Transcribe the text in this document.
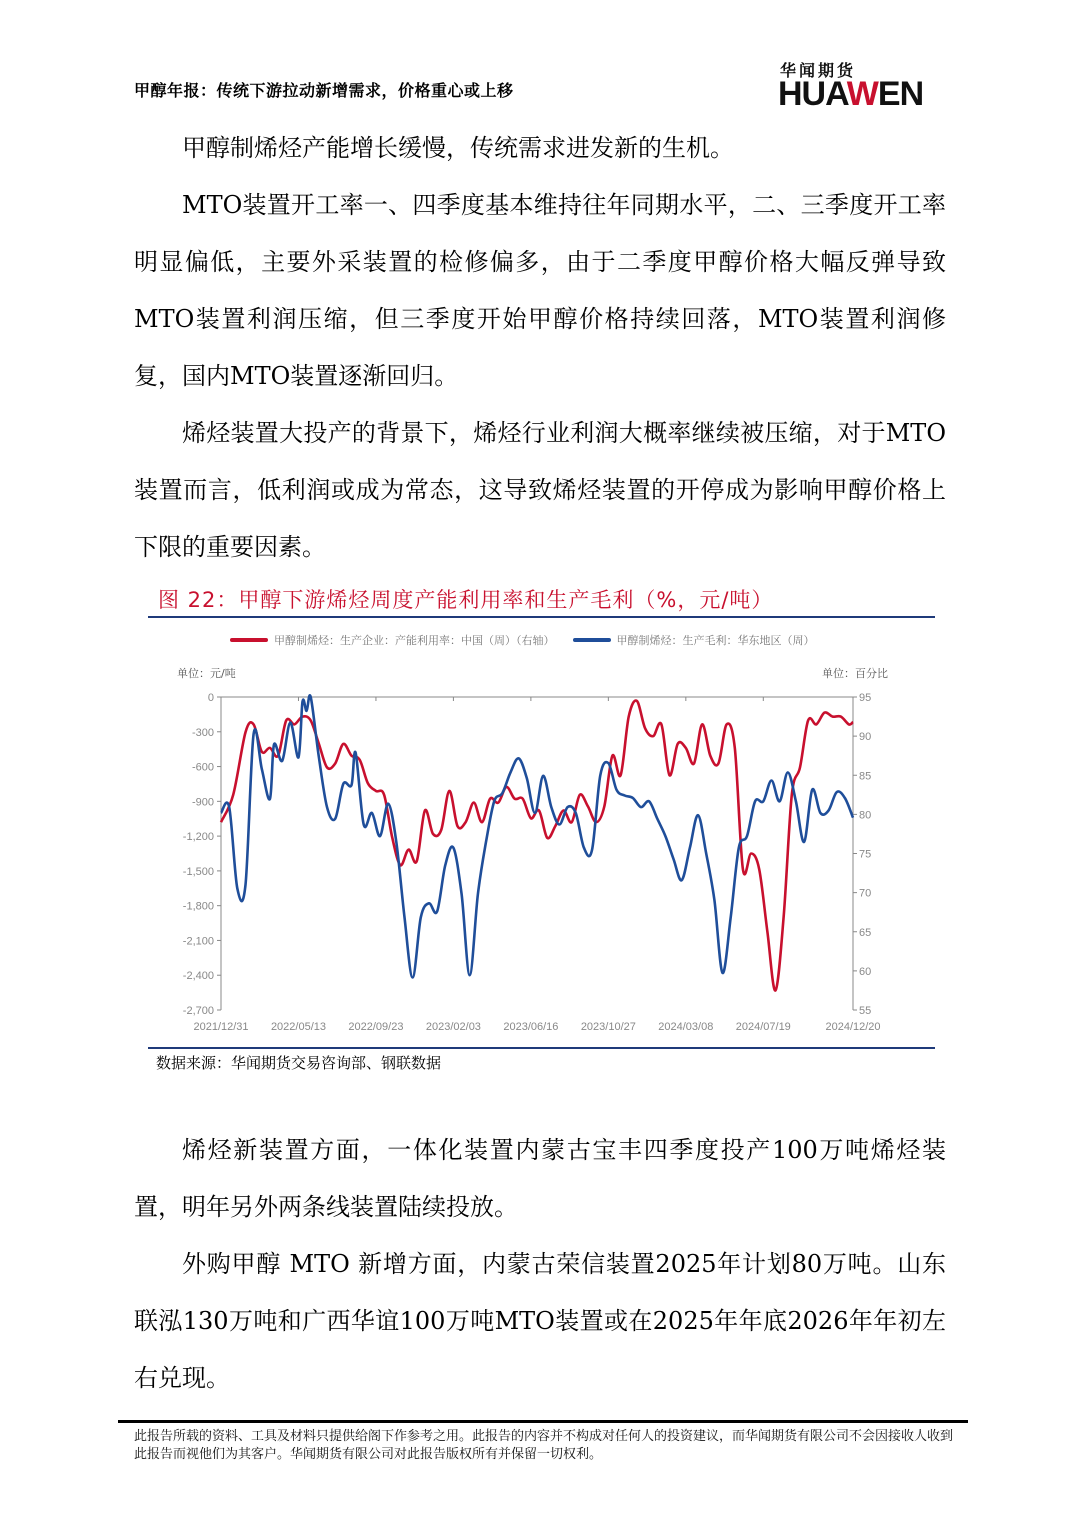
甲醇年报：传统下游拉动新增需求，价格重心或上移
华闻期货
HUAWEN

甲醇制烯烃产能增长缓慢，传统需求进发新的生机。

MTO装置开工率一、四季度基本维持往年同期水平，二、三季度开工率明显偏低，主要外采装置的检修偏多，由于二季度甲醇价格大幅反弹导致MTO装置利润压缩，但三季度开始甲醇价格持续回落，MTO装置利润修复，国内MTO装置逐渐回归。

烯烃装置大投产的背景下，烯烃行业利润大概率继续被压缩，对于MTO装置而言，低利润或成为常态，这导致烯烃装置的开停成为影响甲醇价格上下限的重要因素。

图 22：甲醇下游烯烃周度产能利用率和生产毛利（%，元/吨）
甲醇制烯烃：生产企业：产能利用率：中国（周）（右轴）	甲醇制烯烃：生产毛利：华东地区（周）
单位：元/吨	单位：百分比
0
-300
-600
-900
-1,200
-1,500
-1,800
-2,100
-2,400
-2,700
95
90
85
80
75
70
65
60
55
2021/12/31 2022/05/13 2022/09/23 2023/02/03 2023/06/16 2023/10/27 2024/03/08 2024/07/19	2024/12/20
数据来源：华闻期货交易咨询部、钢联数据

烯烃新装置方面，一体化装置内蒙古宝丰四季度投产100万吨烯烃装置，明年另外两条线装置陆续投放。

外购甲醇 MTO 新增方面，内蒙古荣信装置2025年计划80万吨。山东联泓130万吨和广西华谊100万吨MTO装置或在2025年年底2026年年初左右兑现。

此报告所载的资料、工具及材料只提供给阁下作参考之用。此报告的内容并不构成对任何人的投资建议，而华闻期货有限公司不会因接收人收到此报告而视他们为其客户。华闻期货有限公司对此报告版权所有并保留一切权利。
